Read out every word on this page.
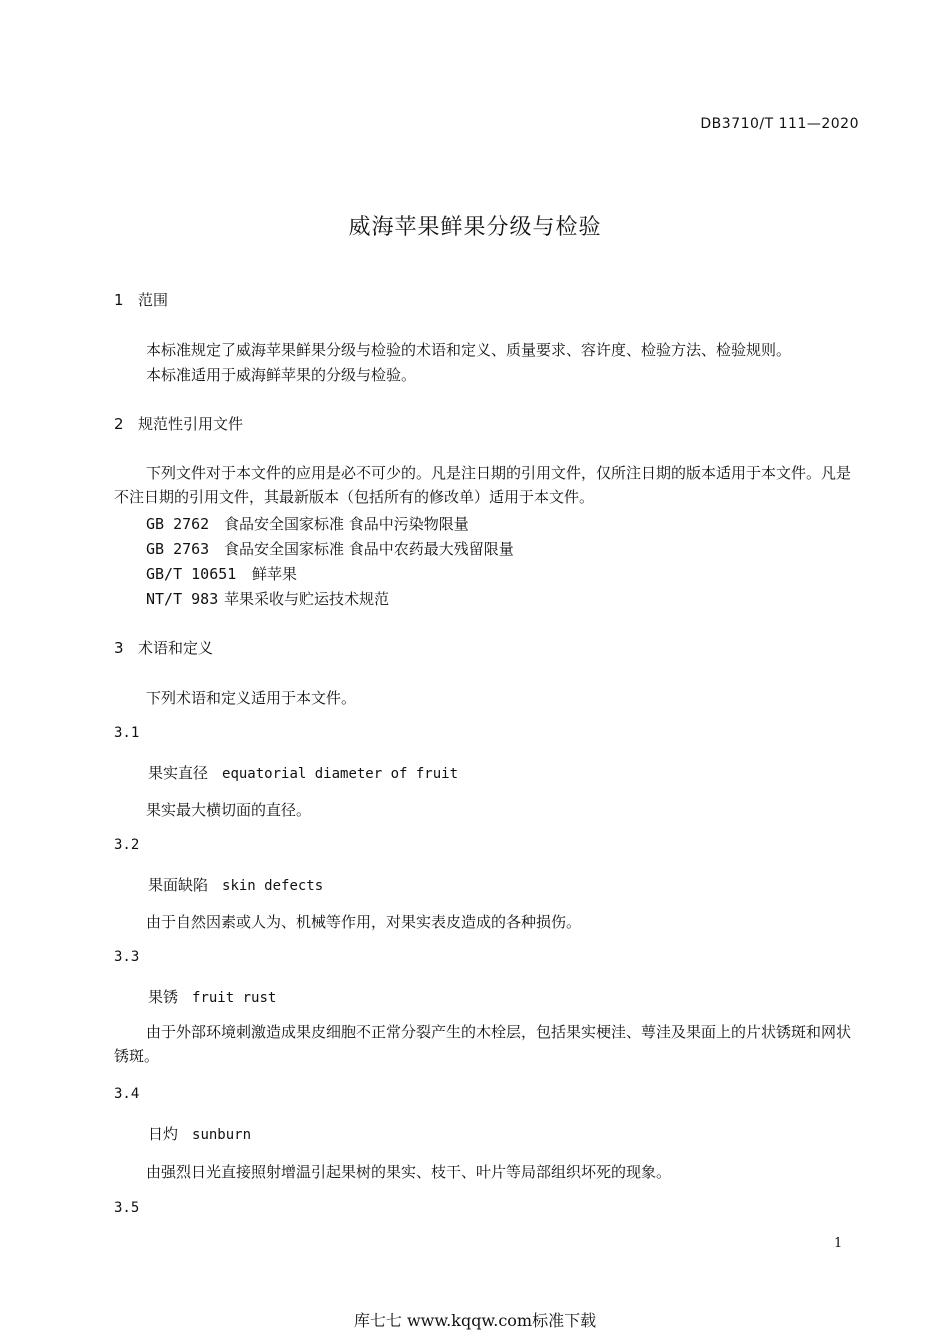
DB3710/T 111—2020
威海苹果鲜果分级与检验
1 范围
本标准规定了威海苹果鲜果分级与检验的术语和定义、质量要求、容许度、检验方法、检验规则。
本标准适用于威海鲜苹果的分级与检验。
2 规范性引用文件
下列文件对于本文件的应用是必不可少的。凡是注日期的引用文件，仅所注日期的版本适用于本文件。凡是不注日期的引用文件，其最新版本（包括所有的修改单）适用于本文件。
GB 2762 食品安全国家标准 食品中污染物限量
GB 2763 食品安全国家标准 食品中农药最大残留限量
GB/T 10651 鲜苹果
NT/T 983 苹果采收与贮运技术规范
3 术语和定义
下列术语和定义适用于本文件。
3.1
果实直径 equatorial diameter of fruit
果实最大横切面的直径。
3.2
果面缺陷 skin defects
由于自然因素或人为、机械等作用，对果实表皮造成的各种损伤。
3.3
果锈 fruit rust
由于外部环境刺激造成果皮细胞不正常分裂产生的木栓层，包括果实梗洼、萼洼及果面上的片状锈斑和网状锈斑。
3.4
日灼 sunburn
由强烈日光直接照射增温引起果树的果实、枝干、叶片等局部组织坏死的现象。
3.5
1
库七七 www.kqqw.com标准下载
